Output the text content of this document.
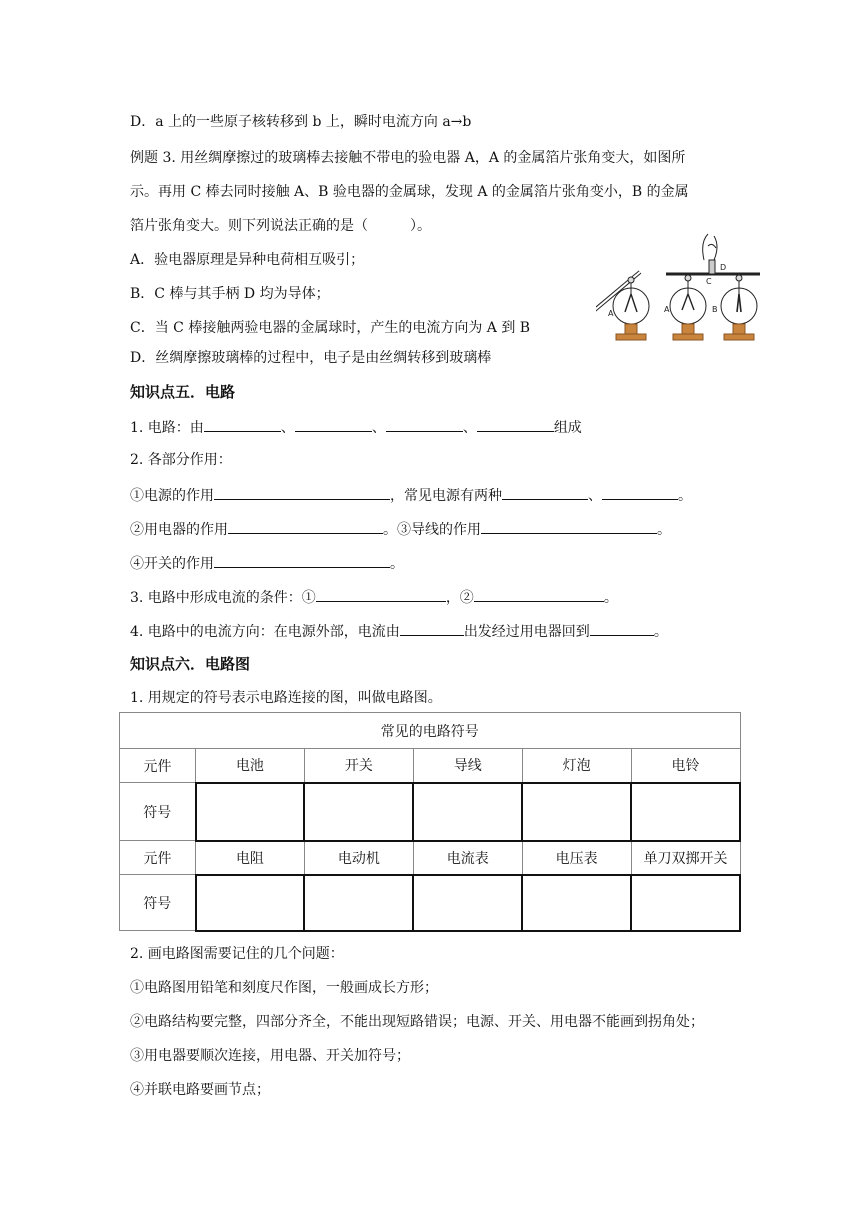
D．a 上的一些原子核转移到 b 上，瞬时电流方向 a→b
例题 3. 用丝绸摩擦过的玻璃棒去接触不带电的验电器 A，A 的金属箔片张角变大，如图所
示。再用 C 棒去同时接触 A、B 验电器的金属球，发现 A 的金属箔片张角变小，B 的金属
箔片张角变大。则下列说法正确的是（　　　）。
A．验电器原理是异种电荷相互吸引；
B．C 棒与其手柄 D 均为导体；
C．当 C 棒接触两验电器的金属球时，产生的电流方向为 A 到 B
D．丝绸摩擦玻璃棒的过程中，电子是由丝绸转移到玻璃棒
A	A	B
C
D
知识点五．电路
1. 电路：由	、	、	、	组成
2. 各部分作用：
①电源的作用	，常见电源有两种	、	。
②用电器的作用	。③导线的作用	。
④开关的作用	。
3. 电路中形成电流的条件：①	，②	。
4. 电路中的电流方向：在电源外部，电流由	出发经过用电器回到	。
知识点六．电路图
1. 用规定的符号表示电路连接的图，叫做电路图。
常见的电路符号					
元件	电池	开关	导线	灯泡	电铃
符号					
元件	电阻	电动机	电流表	电压表	单刀双掷开关
符号					
2. 画电路图需要记住的几个问题：
①电路图用铅笔和刻度尺作图，一般画成长方形；
②电路结构要完整，四部分齐全，不能出现短路错误；电源、开关、用电器不能画到拐角处；
③用电器要顺次连接，用电器、开关加符号；
④并联电路要画节点；
